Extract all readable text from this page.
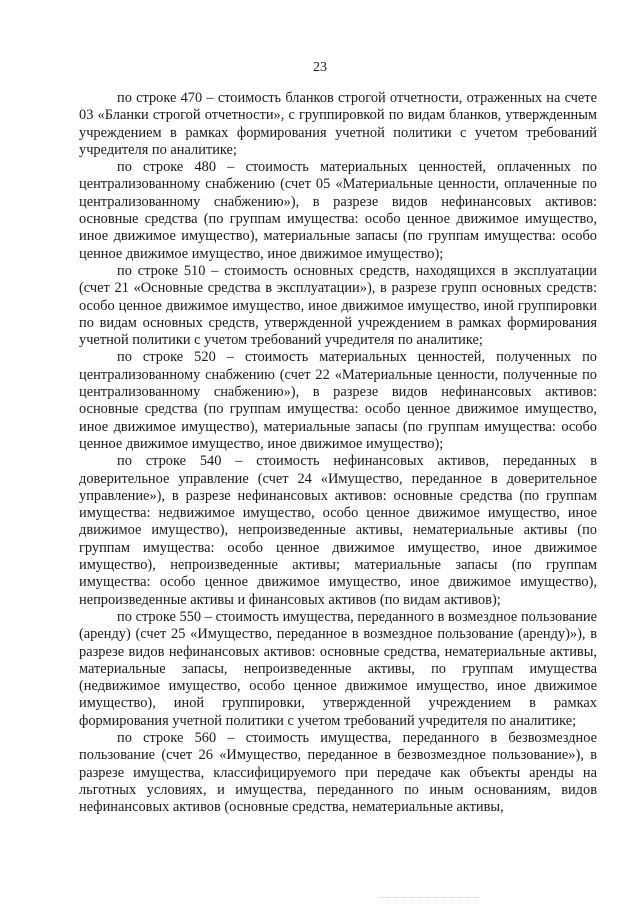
23

по строке 470 – стоимость бланков строгой отчетности, отраженных на счете 03 «Бланки строгой отчетности», с группировкой по видам бланков, утвержденным учреждением в рамках формирования учетной политики с учетом требований учредителя по аналитике;

по строке 480 – стоимость материальных ценностей, оплаченных по централизованному снабжению (счет 05 «Материальные ценности, оплаченные по централизованному снабжению»), в разрезе видов нефинансовых активов: основные средства (по группам имущества: особо ценное движимое имущество, иное движимое имущество), материальные запасы (по группам имущества: особо ценное движимое имущество, иное движимое имущество);

по строке 510 – стоимость основных средств, находящихся в эксплуатации (счет 21 «Основные средства в эксплуатации»), в разрезе групп основных средств: особо ценное движимое имущество, иное движимое имущество, иной группировки по видам основных средств, утвержденной учреждением в рамках формирования учетной политики с учетом требований учредителя по аналитике;

по строке 520 – стоимость материальных ценностей, полученных по централизованному снабжению (счет 22 «Материальные ценности, полученные по централизованному снабжению»), в разрезе видов нефинансовых активов: основные средства (по группам имущества: особо ценное движимое имущество, иное движимое имущество), материальные запасы (по группам имущества: особо ценное движимое имущество, иное движимое имущество);

по строке 540 – стоимость нефинансовых активов, переданных в доверительное управление (счет 24 «Имущество, переданное в доверительное управление»), в разрезе нефинансовых активов: основные средства (по группам имущества: недвижимое имущество, особо ценное движимое имущество, иное движимое имущество), непроизведенные активы, нематериальные активы (по группам имущества: особо ценное движимое имущество, иное движимое имущество), непроизведенные активы; материальные запасы (по группам имущества: особо ценное движимое имущество, иное движимое имущество), непроизведенные активы и финансовых активов (по видам активов);

по строке 550 – стоимость имущества, переданного в возмездное пользование (аренду) (счет 25 «Имущество, переданное в возмездное пользование (аренду)»), в разрезе видов нефинансовых активов: основные средства, нематериальные активы, материальные запасы, непроизведенные активы, по группам имущества (недвижимое имущество, особо ценное движимое имущество, иное движимое имущество), иной группировки, утвержденной учреждением в рамках формирования учетной политики с учетом требований учредителя по аналитике;

по строке 560 – стоимость имущества, переданного в безвозмездное пользование (счет 26 «Имущество, переданное в безвозмездное пользование»), в разрезе имущества, классифицируемого при передаче как объекты аренды на льготных условиях, и имущества, переданного по иным основаниям, видов нефинансовых активов (основные средства, нематериальные активы,
